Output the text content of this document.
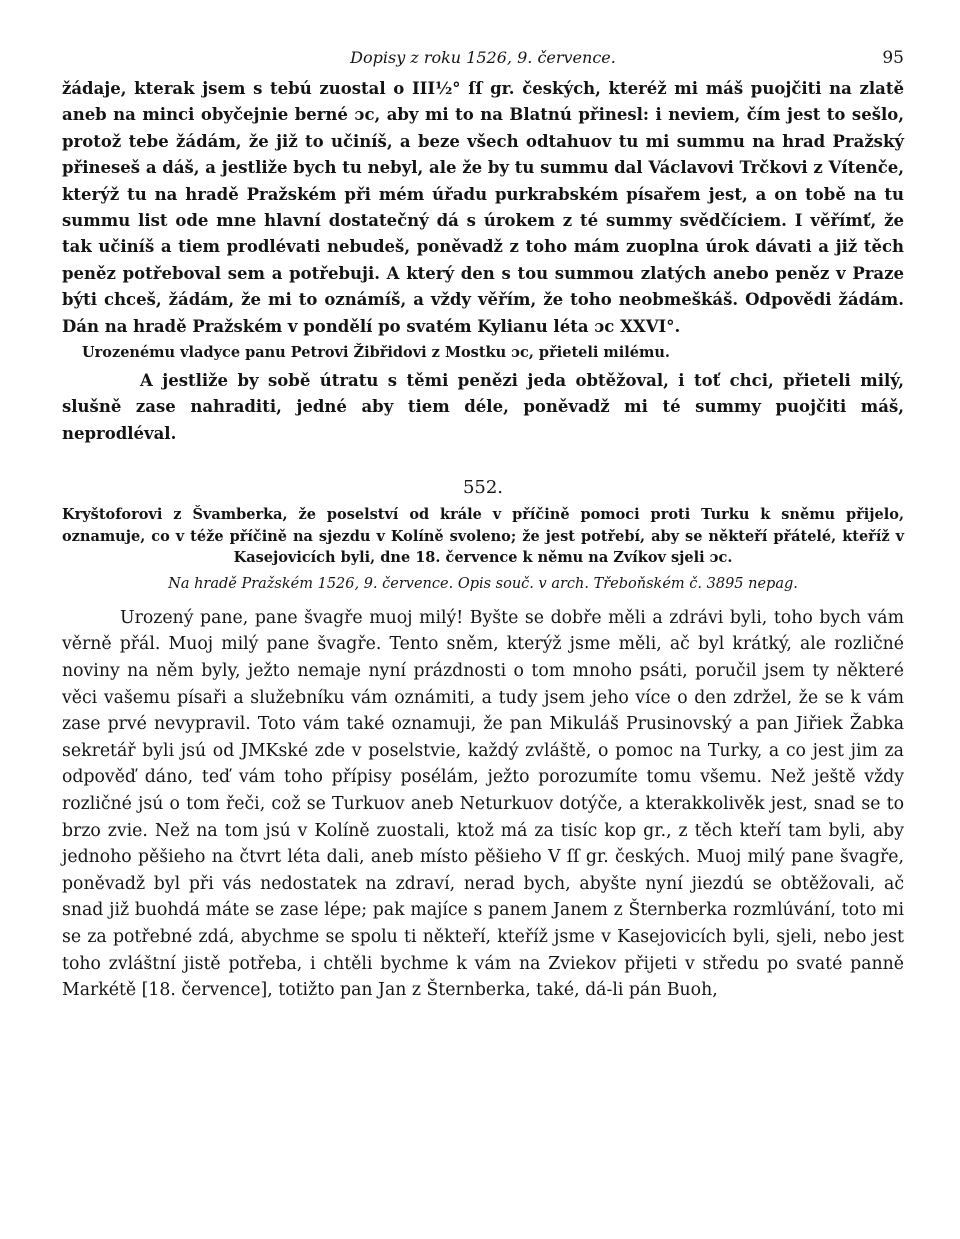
Dopisy z roku 1526, 9. července.	95

žádaje, kterak jsem s tebú zuostal o III½° ſſ gr. českých, kteréž mi máš puojčiti na zlatě aneb na minci obyčejnie berné ɔc, aby mi to na Blatnú přinesl: i neviem, čím jest to sešlo, protož tebe žádám, že již to učiníš, a beze všech odtahuov tu mi summu na hrad Pražský přineseš a dáš, a jestliže bych tu nebyl, ale že by tu summu dal Václavovi Trčkovi z Vítenče, kterýž tu na hradě Pražském při mém úřadu purkrabském písařem jest, a on tobě na tu summu list ode mne hlavní dostatečný dá s úrokem z té summy svědčíciem. I věřímť, že tak učiníš a tiem prodlévati nebudeš, poněvadž z toho mám zuoplna úrok dávati a již těch peněz potřeboval sem a potřebuji. A který den s tou summou zlatých anebo peněz v Praze býti chceš, žádám, že mi to oznámíš, a vždy věřím, že toho neobmeškáš. Odpovědi žádám. Dán na hradě Pražském v pondělí po svatém Kylianu léta ɔc XXVI°.

Urozenému vladyce panu Petrovi Žibřidovi z Mostku ɔc, přieteli milému.

A jestliže by sobě útratu s těmi penězi jeda obtěžoval, i toť chci, přieteli milý, slušně zase nahraditi, jedné aby tiem déle, poněvadž mi té summy puojčiti máš, neprodléval.

552.

Kryštoforovi z Švamberka, že poselství od krále v příčině pomoci proti Turku k sněmu přijelo, oznamuje, co v téže příčině na sjezdu v Kolíně svoleno; že jest potřebí, aby se někteří přátelé, kteříž v Kasejovicích byli, dne 18. července k němu na Zvíkov sjeli ɔc.

Na hradě Pražském 1526, 9. července. Opis souč. v arch. Třeboňském č. 3895 nepag.

Urozený pane, pane švagře muoj milý! Byšte se dobře měli a zdrávi byli, toho bych vám věrně přál. Muoj milý pane švagře. Tento sněm, kterýž jsme měli, ač byl krátký, ale rozličné noviny na něm byly, ježto nemaje nyní prázdnosti o tom mnoho psáti, poručil jsem ty některé věci vašemu písaři a služebníku vám oznámiti, a tudy jsem jeho více o den zdržel, že se k vám zase prvé nevypravil. Toto vám také oznamuji, že pan Mikuláš Prusinovský a pan Jiřiek Žabka sekretář byli jsú od JMKské zde v poselstvie, každý zvláště, o pomoc na Turky, a co jest jim za odpověď dáno, teď vám toho přípisy posélám, ježto porozumíte tomu všemu. Než ještě vždy rozličné jsú o tom řeči, což se Turkuov aneb Neturkuov dotýče, a kterakkolivěk jest, snad se to brzo zvie. Než na tom jsú v Kolíně zuostali, ktož má za tisíc kop gr., z těch kteří tam byli, aby jednoho pěšieho na čtvrt léta dali, aneb místo pěšieho V ſſ gr. českých. Muoj milý pane švagře, poněvadž byl při vás nedostatek na zdraví, nerad bych, abyšte nyní jiezdú se obtěžovali, ač snad již buohdá máte se zase lépe; pak majíce s panem Janem z Šternberka rozmlúvání, toto mi se za potřebné zdá, abychme se spolu ti někteří, kteříž jsme v Kasejovicích byli, sjeli, nebo jest toho zvláštní jistě potřeba, i chtěli bychme k vám na Zviekov přijeti v středu po svaté panně Markétě [18. července], totižto pan Jan z Šternberka, také, dá-li pán Buoh,
